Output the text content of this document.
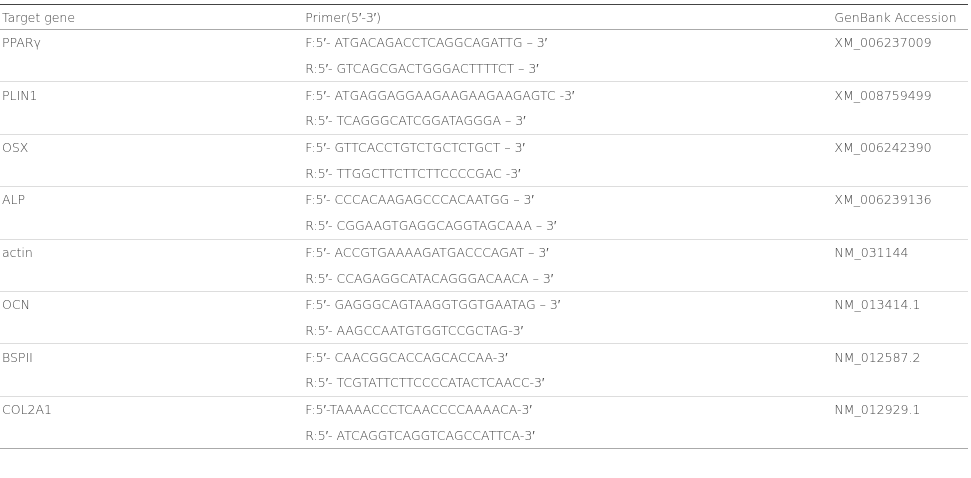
Target gene	Primer(5′-3′)	GenBank Accession
PPARγ	F:5′- ATGACAGACCTCAGGCAGATTG – 3′	XM_006237009
	R:5′- GTCAGCGACTGGGACTTTTCT – 3′	
PLIN1	F:5′- ATGAGGAGGAAGAAGAAGAAGAGTC -3′	XM_008759499
	R:5′- TCAGGGCATCGGATAGGGA – 3′	
OSX	F:5′- GTTCACCTGTCTGCTCTGCT – 3′	XM_006242390
	R:5′- TTGGCTTCTTCTTCCCCGAC -3′	
ALP	F:5′- CCCACAAGAGCCCACAATGG – 3′	XM_006239136
	R:5′- CGGAAGTGAGGCAGGTAGCAAA – 3′	
actin	F:5′- ACCGTGAAAAGATGACCCAGAT – 3′	NM_031144
	R:5′- CCAGAGGCATACAGGGACAACA – 3′	
OCN	F:5′- GAGGGCAGTAAGGTGGTGAATAG – 3′	NM_013414.1
	R:5′- AAGCCAATGTGGTCCGCTAG-3′	
BSPII	F:5′- CAACGGCACCAGCACCAA-3′	NM_012587.2
	R:5′- TCGTATTCTTCCCCATACTCAACC-3′	
COL2A1	F:5′-TAAAACCCTCAACCCCAAAACA-3′	NM_012929.1
	R:5′- ATCAGGTCAGGTCAGCCATTCA-3′	
